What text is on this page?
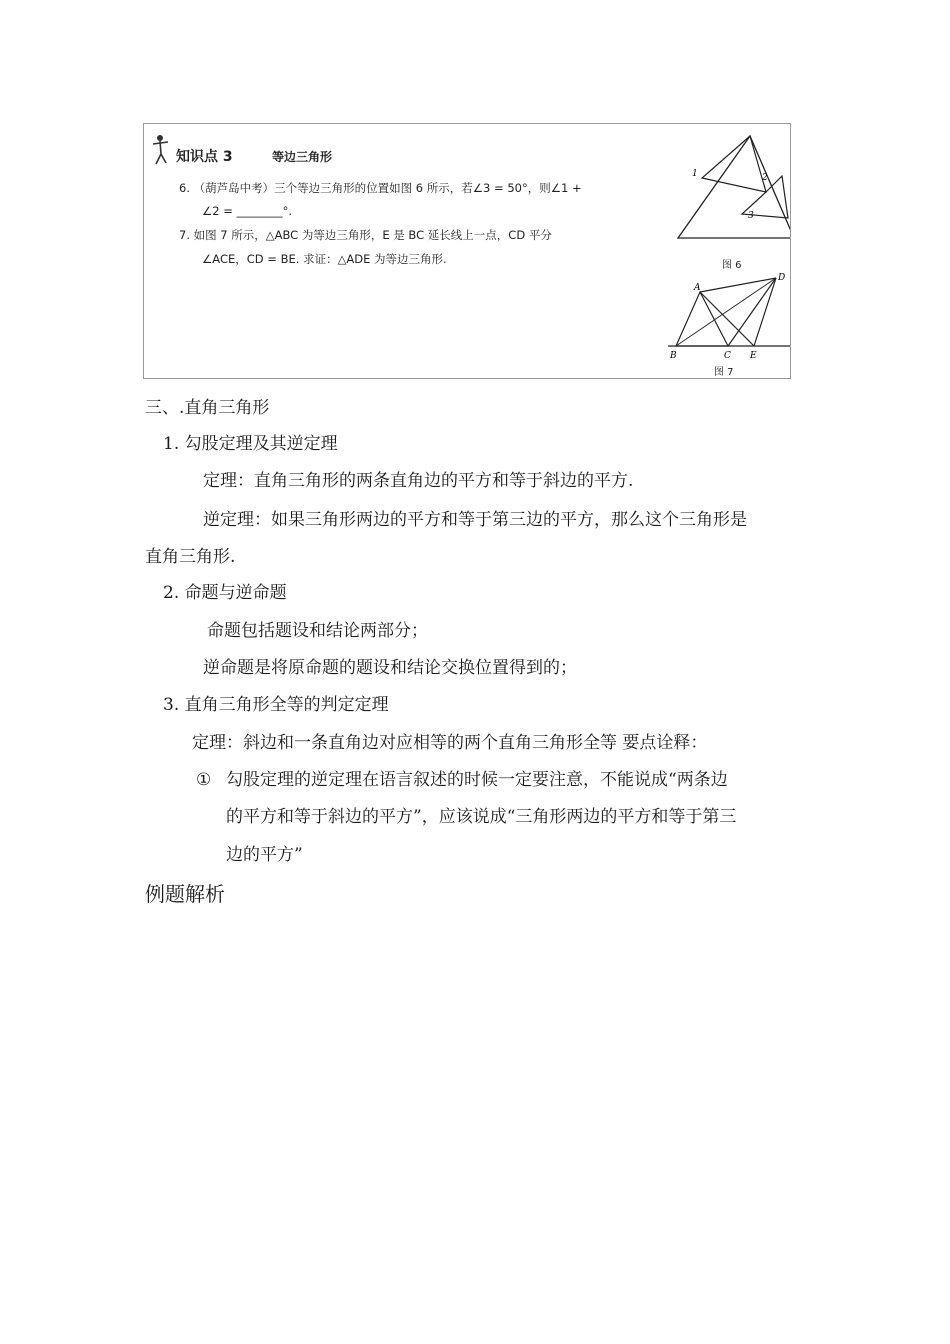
知识点 3	等边三角形
6. （葫芦岛中考）三个等边三角形的位置如图 6 所示，若∠3 = 50°，则∠1 +
∠2 = ________°.
7. 如图 7 所示，△ABC 为等边三角形，E 是 BC 延长线上一点，CD 平分
∠ACE，CD = BE. 求证：△ADE 为等边三角形.
1	2
3
图 6
A
D
B	C E
图 7
三、.直角三角形
1. 勾股定理及其逆定理
定理：直角三角形的两条直角边的平方和等于斜边的平方.
逆定理：如果三角形两边的平方和等于第三边的平方，那么这个三角形是
直角三角形.
2. 命题与逆命题
命题包括题设和结论两部分；
逆命题是将原命题的题设和结论交换位置得到的；
3. 直角三角形全等的判定定理
定理：斜边和一条直角边对应相等的两个直角三角形全等 要点诠释：
① 勾股定理的逆定理在语言叙述的时候一定要注意，不能说成“两条边
的平方和等于斜边的平方”，应该说成“三角形两边的平方和等于第三
边的平方”
例题解析
